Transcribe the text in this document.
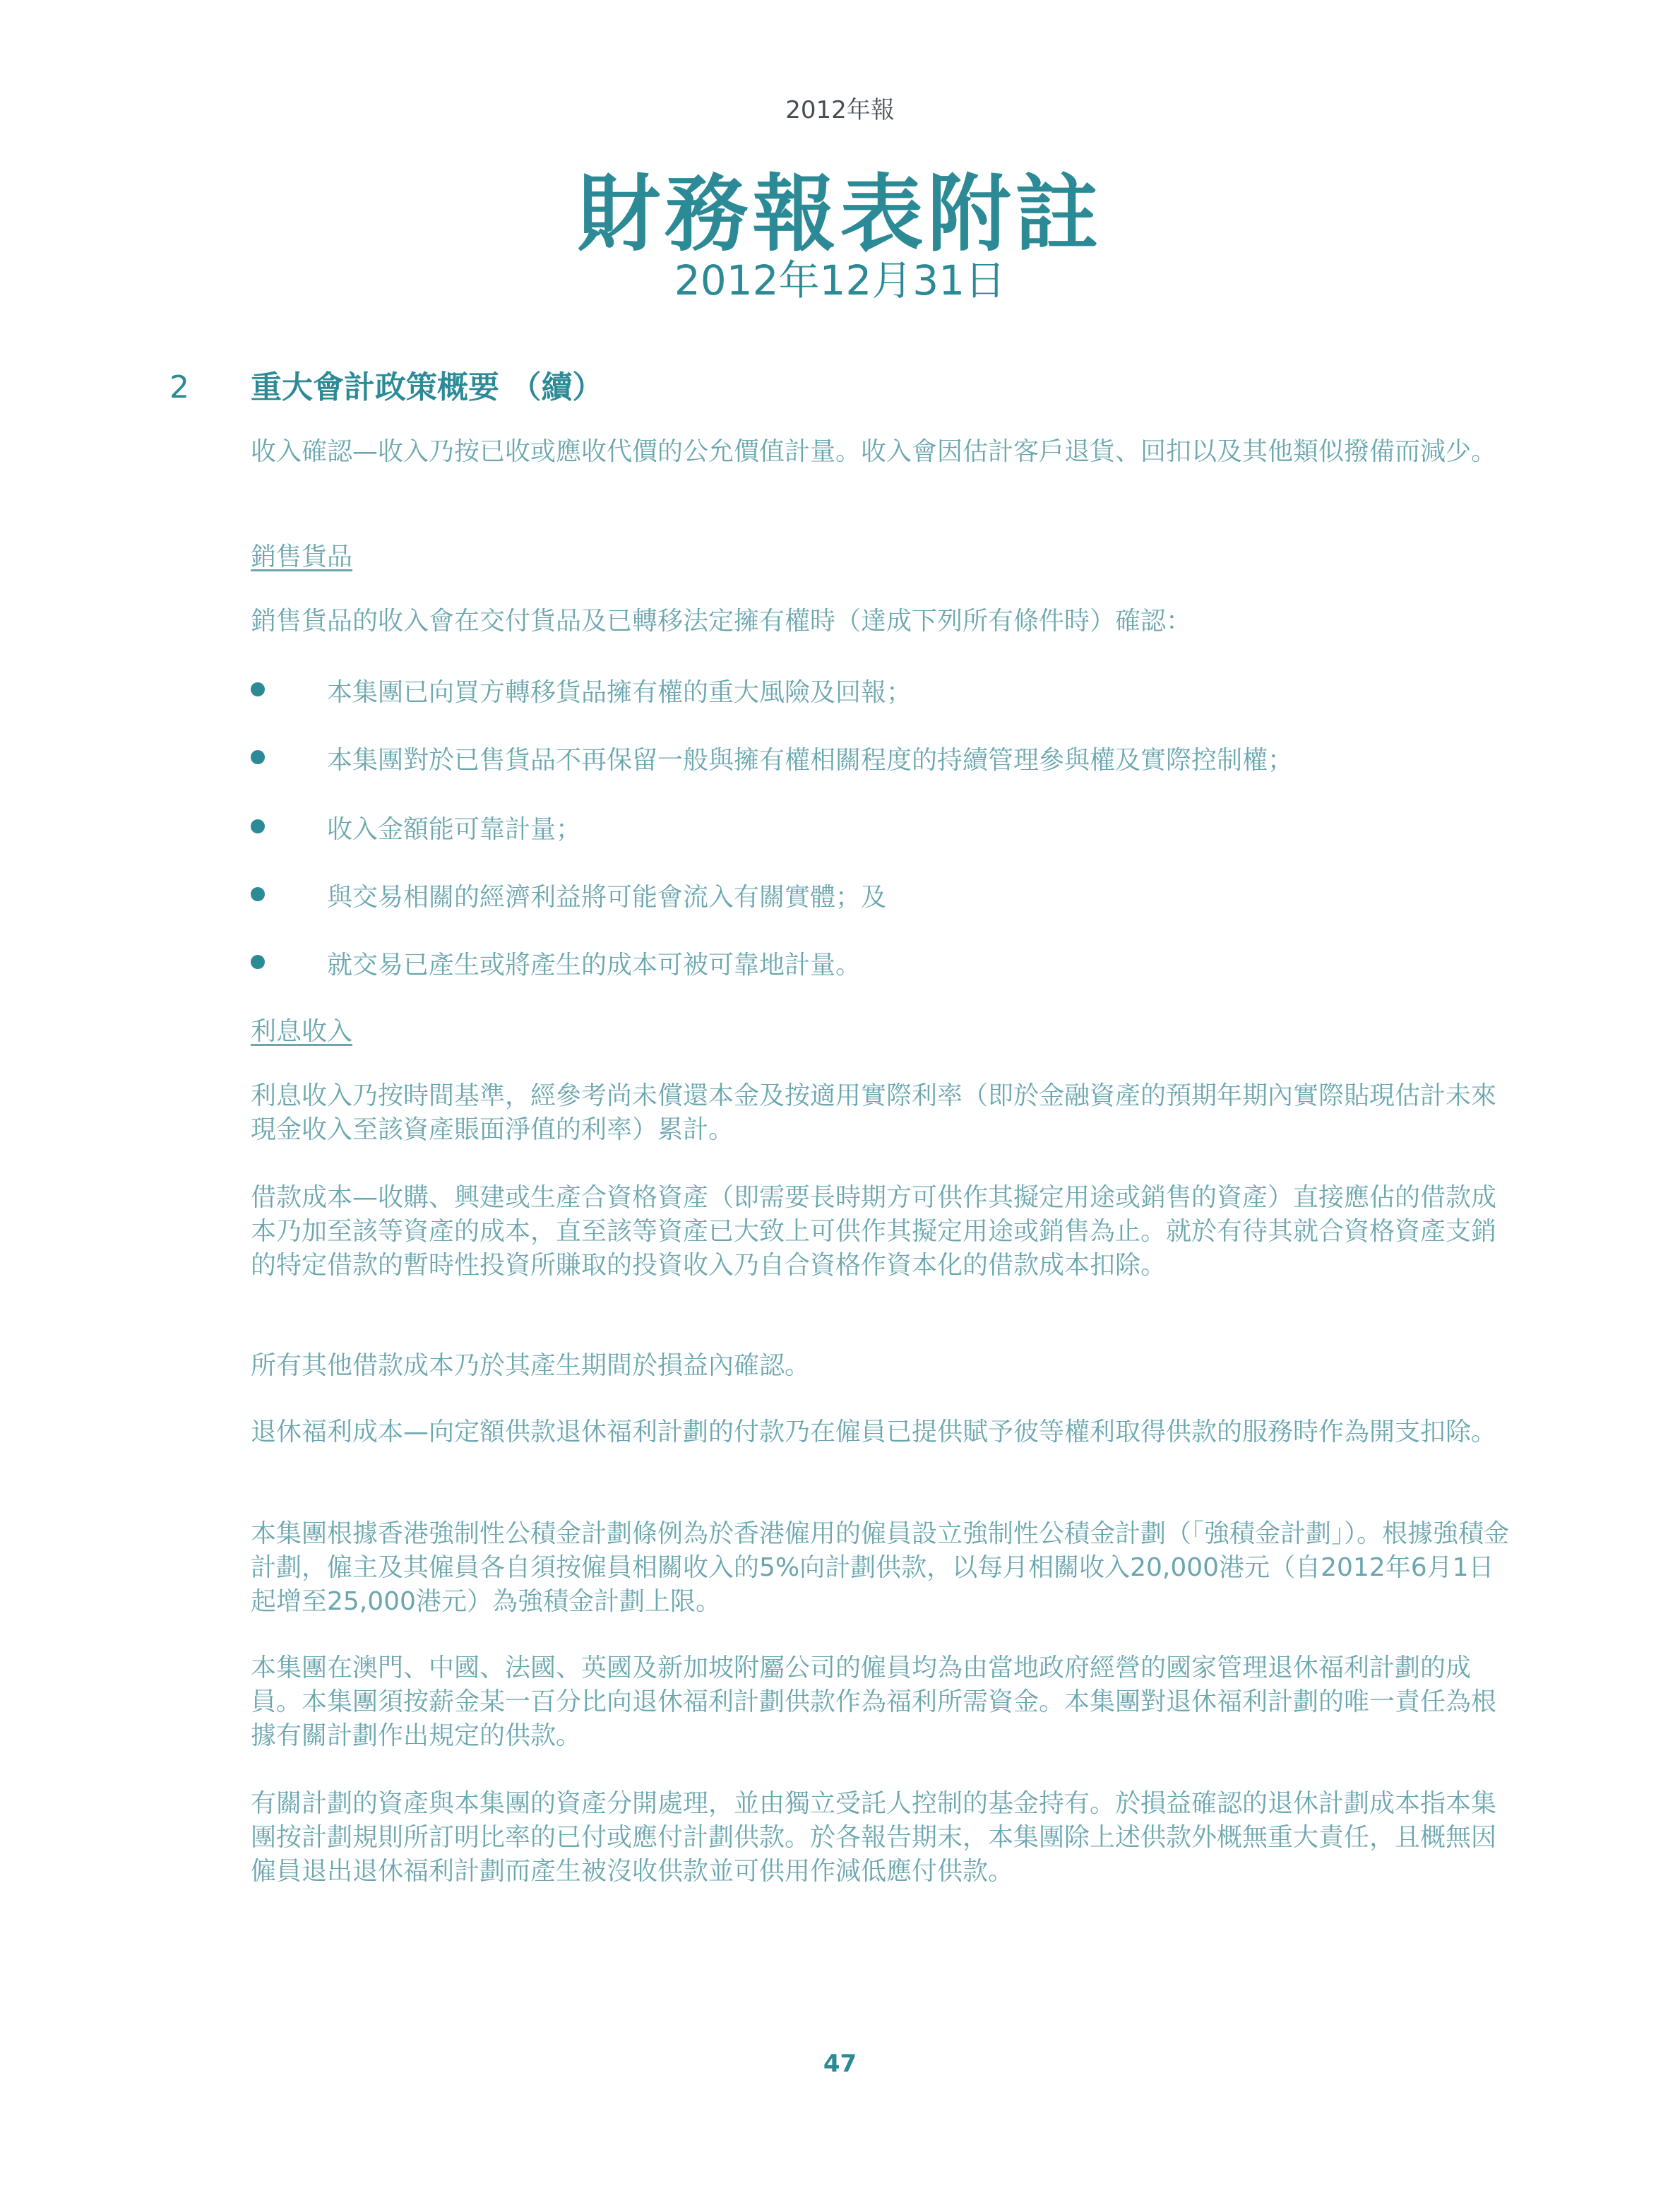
2012年報
財務報表附註
2012年12月31日
2 重大會計政策概要 （續）
收入確認—收入乃按已收或應收代價的公允價值計量。收入會因估計客戶退貨、回扣以及其他類似撥備而減少。
銷售貨品
銷售貨品的收入會在交付貨品及已轉移法定擁有權時（達成下列所有條件時）確認：
本集團已向買方轉移貨品擁有權的重大風險及回報；
本集團對於已售貨品不再保留一般與擁有權相關程度的持續管理參與權及實際控制權；
收入金額能可靠計量；
與交易相關的經濟利益將可能會流入有關實體；及
就交易已產生或將產生的成本可被可靠地計量。
利息收入
利息收入乃按時間基準，經參考尚未償還本金及按適用實際利率（即於金融資產的預期年期內實際貼現估計未來現金收入至該資產賬面淨值的利率）累計。
借款成本—收購、興建或生產合資格資產（即需要長時期方可供作其擬定用途或銷售的資產）直接應佔的借款成本乃加至該等資產的成本，直至該等資產已大致上可供作其擬定用途或銷售為止。就於有待其就合資格資產支銷的特定借款的暫時性投資所賺取的投資收入乃自合資格作資本化的借款成本扣除。
所有其他借款成本乃於其產生期間於損益內確認。
退休福利成本—向定額供款退休福利計劃的付款乃在僱員已提供賦予彼等權利取得供款的服務時作為開支扣除。
本集團根據香港強制性公積金計劃條例為於香港僱用的僱員設立強制性公積金計劃（「強積金計劃」）。根據強積金計劃，僱主及其僱員各自須按僱員相關收入的5%向計劃供款，以每月相關收入20,000港元（自2012年6月1日起增至25,000港元）為強積金計劃上限。
本集團在澳門、中國、法國、英國及新加坡附屬公司的僱員均為由當地政府經營的國家管理退休福利計劃的成員。本集團須按薪金某一百分比向退休福利計劃供款作為福利所需資金。本集團對退休福利計劃的唯一責任為根據有關計劃作出規定的供款。
有關計劃的資產與本集團的資產分開處理，並由獨立受託人控制的基金持有。於損益確認的退休計劃成本指本集團按計劃規則所訂明比率的已付或應付計劃供款。於各報告期末，本集團除上述供款外概無重大責任，且概無因僱員退出退休福利計劃而產生被沒收供款並可供用作減低應付供款。
47
